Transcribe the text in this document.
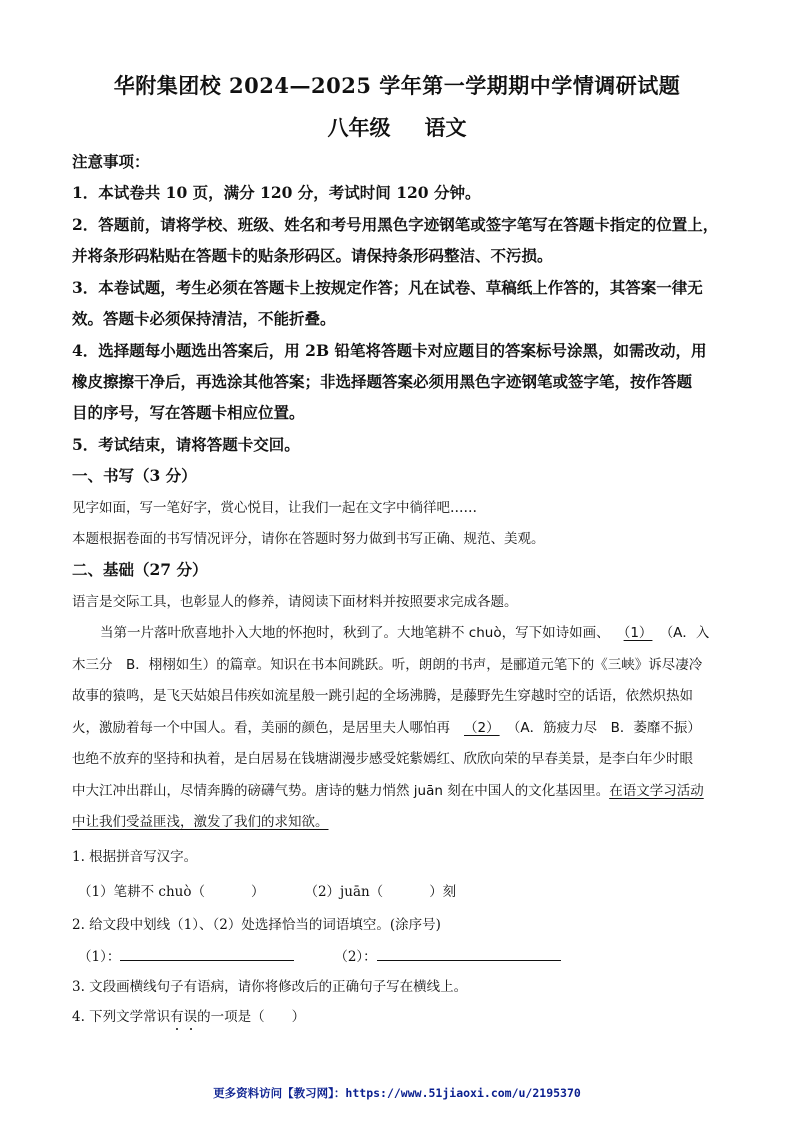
华附集团校 2024—2025 学年第一学期期中学情调研试题
八年级 语文
注意事项：
1．本试卷共 10 页，满分 120 分，考试时间 120 分钟。
2．答题前，请将学校、班级、姓名和考号用黑色字迹钢笔或签字笔写在答题卡指定的位置上，
并将条形码粘贴在答题卡的贴条形码区。请保持条形码整洁、不污损。
3．本卷试题，考生必须在答题卡上按规定作答；凡在试卷、草稿纸上作答的，其答案一律无
效。答题卡必须保持清洁，不能折叠。
4．选择题每小题选出答案后，用 2B 铅笔将答题卡对应题目的答案标号涂黑，如需改动，用
橡皮擦擦干净后，再选涂其他答案；非选择题答案必须用黑色字迹钢笔或签字笔，按作答题
目的序号，写在答题卡相应位置。
5．考试结束，请将答题卡交回。
一、书写（3 分）
见字如面，写一笔好字，赏心悦目，让我们一起在文字中徜徉吧……
本题根据卷面的书写情况评分，请你在答题时努力做到书写正确、规范、美观。
二、基础（27 分）
语言是交际工具，也彰显人的修养，请阅读下面材料并按照要求完成各题。
当第一片落叶欣喜地扑入大地的怀抱时，秋到了。大地笔耕不 chuò，写下如诗如画、 （1） （A．入
木三分　B．栩栩如生）的篇章。知识在书本间跳跃。听，朗朗的书声，是郦道元笔下的《三峡》诉尽凄冷
故事的猿鸣，是飞天姑娘吕伟疾如流星般一跳引起的全场沸腾，是藤野先生穿越时空的话语，依然炽热如
火，激励着每一个中国人。看，美丽的颜色，是居里夫人哪怕再 （2） （A．筋疲力尽　B．萎靡不振）
也绝不放弃的坚持和执着，是白居易在钱塘湖漫步感受姹紫嫣红、欣欣向荣的早春美景，是李白年少时眼
中大江冲出群山，尽情奔腾的磅礴气势。唐诗的魅力悄然 juān 刻在中国人的文化基因里。在语文学习活动
中让我们受益匪浅，激发了我们的求知欲。
1. 根据拼音写汉字。
（1）笔耕不 chuò（	）	（2）juān（	）刻
2. 给文段中划线（1）、（2）处选择恰当的词语填空。(涂序号)
（1）：	（2）：
3. 文段画横线句子有语病，请你将修改后的正确句子写在横线上。
4. 下列文学常识有误的一项是（　　）
更多资料访问【教习网】：https://www.51jiaoxi.com/u/2195370
